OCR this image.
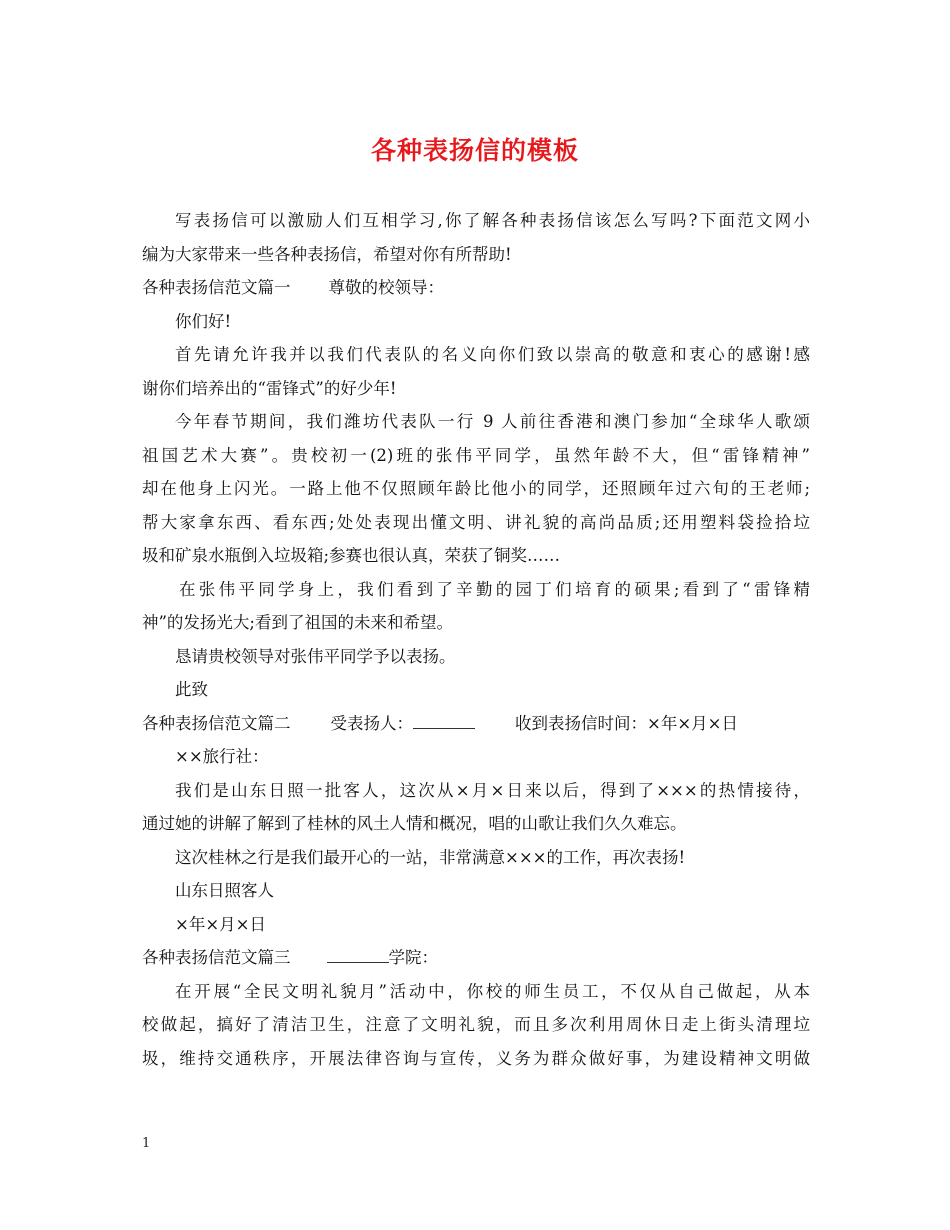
各种表扬信的模板
写表扬信可以激励人们互相学习,你了解各种表扬信该怎么写吗?下面范文网小
编为大家带来一些各种表扬信，希望对你有所帮助!
各种表扬信范文篇一 尊敬的校领导：
你们好!
首先请允许我并以我们代表队的名义向你们致以崇高的敬意和衷心的感谢!感
谢你们培养出的“雷锋式”的好少年!
今年春节期间，我们潍坊代表队一行 9 人前往香港和澳门参加“全球华人歌颂
祖国艺术大赛”。贵校初一(2)班的张伟平同学，虽然年龄不大，但“雷锋精神”
却在他身上闪光。一路上他不仅照顾年龄比他小的同学，还照顾年过六旬的王老师;
帮大家拿东西、看东西;处处表现出懂文明、讲礼貌的高尚品质;还用塑料袋捡拾垃
圾和矿泉水瓶倒入垃圾箱;参赛也很认真，荣获了铜奖……
在张伟平同学身上，我们看到了辛勤的园丁们培育的硕果;看到了“雷锋精
神”的发扬光大;看到了祖国的未来和希望。
恳请贵校领导对张伟平同学予以表扬。
此致
各种表扬信范文篇二 受表扬人：	收到表扬信时间：×年×月×日
××旅行社：
我们是山东日照一批客人，这次从×月×日来以后，得到了×××的热情接待，
通过她的讲解了解到了桂林的风土人情和概况，唱的山歌让我们久久难忘。
这次桂林之行是我们最开心的一站，非常满意×××的工作，再次表扬!
山东日照客人
×年×月×日
各种表扬信范文篇三	学院：
在开展“全民文明礼貌月”活动中，你校的师生员工，不仅从自己做起，从本
校做起，搞好了清洁卫生，注意了文明礼貌，而且多次利用周休日走上街头清理垃
圾，维持交通秩序，开展法律咨询与宣传，义务为群众做好事，为建设精神文明做
1
